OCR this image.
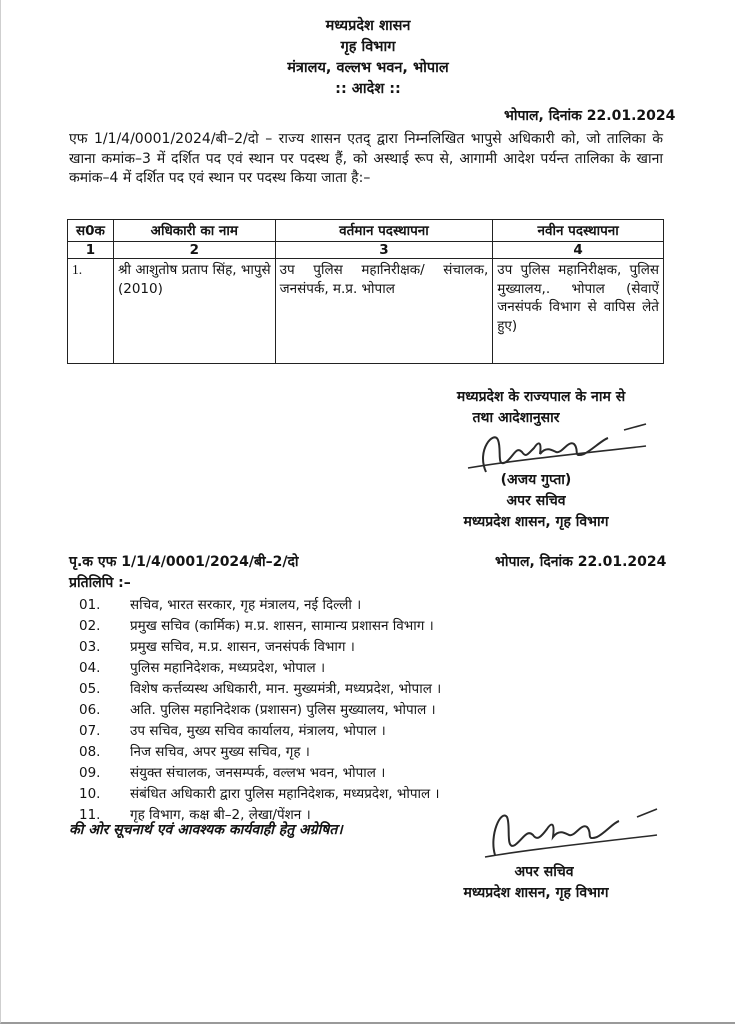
मध्यप्रदेश शासन
गृह विभाग
मंत्रालय, वल्लभ भवन, भोपाल
:: आदेश ::
भोपाल, दिनांक 22.01.2024
एफ 1/1/4/0001/2024/बी–2/दो – राज्य शासन एतद् द्वारा निम्नलिखित भापुसे अधिकारी को, जो तालिका के खाना कमांक–3 में दर्शित पद एवं स्थान पर पदस्थ हैं, को अस्थाई रूप से, आगामी आदेश पर्यन्त तालिका के खाना कमांक–4 में दर्शित पद एवं स्थान पर पदस्थ किया जाता है:–
स0क	अधिकारी का नाम	वर्तमान पदस्थापना	नवीन पदस्थापना
1	2	3	4
1.	श्री आशुतोष प्रताप सिंह, भापुसे (2010)	उप पुलिस महानिरीक्षक/ संचालक, जनसंपर्क, म.प्र. भोपाल	उप पुलिस महानिरीक्षक, पुलिस मुख्यालय,. भोपाल (सेवाऐं जनसंपर्क विभाग से वापिस लेते हुए)
मध्यप्रदेश के राज्यपाल के नाम से
तथा आदेशानुसार
(अजय गुप्ता)
अपर सचिव
मध्यप्रदेश शासन, गृह विभाग
पृ.क एफ 1/1/4/0001/2024/बी–2/दो	भोपाल, दिनांक 22.01.2024
प्रतिलिपि :–
01.	सचिव, भारत सरकार, गृह मंत्रालय, नई दिल्ली ।
02.	प्रमुख सचिव (कार्मिक) म.प्र. शासन, सामान्य प्रशासन विभाग ।
03.	प्रमुख सचिव, म.प्र. शासन, जनसंपर्क विभाग ।
04.	पुलिस महानिदेशक, मध्यप्रदेश, भोपाल ।
05.	विशेष कर्त्तव्यस्थ अधिकारी, मान. मुख्यमंत्री, मध्यप्रदेश, भोपाल ।
06.	अति. पुलिस महानिदेशक (प्रशासन) पुलिस मुख्यालय, भोपाल ।
07.	उप सचिव, मुख्य सचिव कार्यालय, मंत्रालय, भोपाल ।
08.	निज सचिव, अपर मुख्य सचिव, गृह ।
09.	संयुक्त संचालक, जनसम्पर्क, वल्लभ भवन, भोपाल ।
10.	संबंधित अधिकारी द्वारा पुलिस महानिदेशक, मध्यप्रदेश, भोपाल ।
11.	गृह विभाग, कक्ष बी–2, लेखा/पेंशन ।
की ओर सूचनार्थ एवं आवश्यक कार्यवाही हेतु अग्रेषित।
अपर सचिव
मध्यप्रदेश शासन, गृह विभाग
